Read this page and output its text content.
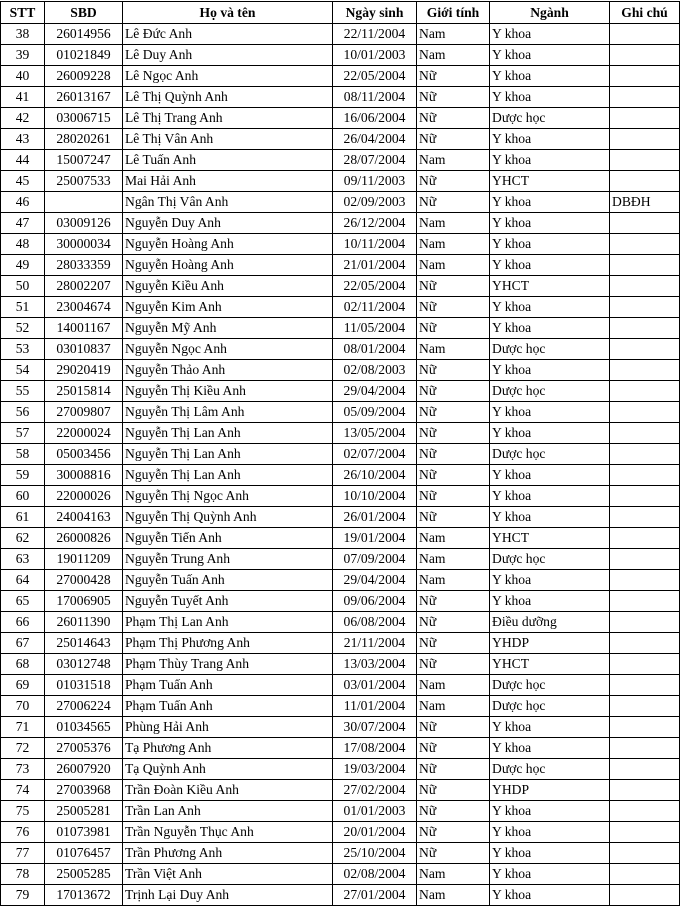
STT	SBD	Họ và tên	Ngày sinh	Giới tính	Ngành	Ghi chú
38	26014956	Lê Đức Anh	22/11/2004	Nam	Y khoa	
39	01021849	Lê Duy Anh	10/01/2003	Nam	Y khoa	
40	26009228	Lê Ngọc Anh	22/05/2004	Nữ	Y khoa	
41	26013167	Lê Thị Quỳnh Anh	08/11/2004	Nữ	Y khoa	
42	03006715	Lê Thị Trang Anh	16/06/2004	Nữ	Dược học	
43	28020261	Lê Thị Vân Anh	26/04/2004	Nữ	Y khoa	
44	15007247	Lê Tuấn Anh	28/07/2004	Nam	Y khoa	
45	25007533	Mai Hải Anh	09/11/2003	Nữ	YHCT	
46		Ngân Thị Vân Anh	02/09/2003	Nữ	Y khoa	DBĐH
47	03009126	Nguyễn Duy Anh	26/12/2004	Nam	Y khoa	
48	30000034	Nguyễn Hoàng Anh	10/11/2004	Nam	Y khoa	
49	28033359	Nguyễn Hoàng Anh	21/01/2004	Nam	Y khoa	
50	28002207	Nguyễn Kiều Anh	22/05/2004	Nữ	YHCT	
51	23004674	Nguyễn Kim Anh	02/11/2004	Nữ	Y khoa	
52	14001167	Nguyễn Mỹ Anh	11/05/2004	Nữ	Y khoa	
53	03010837	Nguyễn Ngọc Anh	08/01/2004	Nam	Dược học	
54	29020419	Nguyễn Thảo Anh	02/08/2003	Nữ	Y khoa	
55	25015814	Nguyễn Thị Kiều Anh	29/04/2004	Nữ	Dược học	
56	27009807	Nguyễn Thị Lâm Anh	05/09/2004	Nữ	Y khoa	
57	22000024	Nguyễn Thị Lan Anh	13/05/2004	Nữ	Y khoa	
58	05003456	Nguyễn Thị Lan Anh	02/07/2004	Nữ	Dược học	
59	30008816	Nguyễn Thị Lan Anh	26/10/2004	Nữ	Y khoa	
60	22000026	Nguyễn Thị Ngọc Anh	10/10/2004	Nữ	Y khoa	
61	24004163	Nguyễn Thị Quỳnh Anh	26/01/2004	Nữ	Y khoa	
62	26000826	Nguyễn Tiến Anh	19/01/2004	Nam	YHCT	
63	19011209	Nguyễn Trung Anh	07/09/2004	Nam	Dược học	
64	27000428	Nguyễn Tuấn Anh	29/04/2004	Nam	Y khoa	
65	17006905	Nguyễn Tuyết Anh	09/06/2004	Nữ	Y khoa	
66	26011390	Phạm Thị Lan Anh	06/08/2004	Nữ	Điều dưỡng	
67	25014643	Phạm Thị Phương Anh	21/11/2004	Nữ	YHDP	
68	03012748	Phạm Thùy Trang Anh	13/03/2004	Nữ	YHCT	
69	01031518	Phạm Tuấn Anh	03/01/2004	Nam	Dược học	
70	27006224	Phạm Tuấn Anh	11/01/2004	Nam	Dược học	
71	01034565	Phùng Hải Anh	30/07/2004	Nữ	Y khoa	
72	27005376	Tạ Phương Anh	17/08/2004	Nữ	Y khoa	
73	26007920	Tạ Quỳnh Anh	19/03/2004	Nữ	Dược học	
74	27003968	Trần Đoàn Kiều Anh	27/02/2004	Nữ	YHDP	
75	25005281	Trần Lan Anh	01/01/2003	Nữ	Y khoa	
76	01073981	Trần Nguyễn Thục Anh	20/01/2004	Nữ	Y khoa	
77	01076457	Trần Phương Anh	25/10/2004	Nữ	Y khoa	
78	25005285	Trần Việt Anh	02/08/2004	Nam	Y khoa	
79	17013672	Trịnh Lại Duy Anh	27/01/2004	Nam	Y khoa	
